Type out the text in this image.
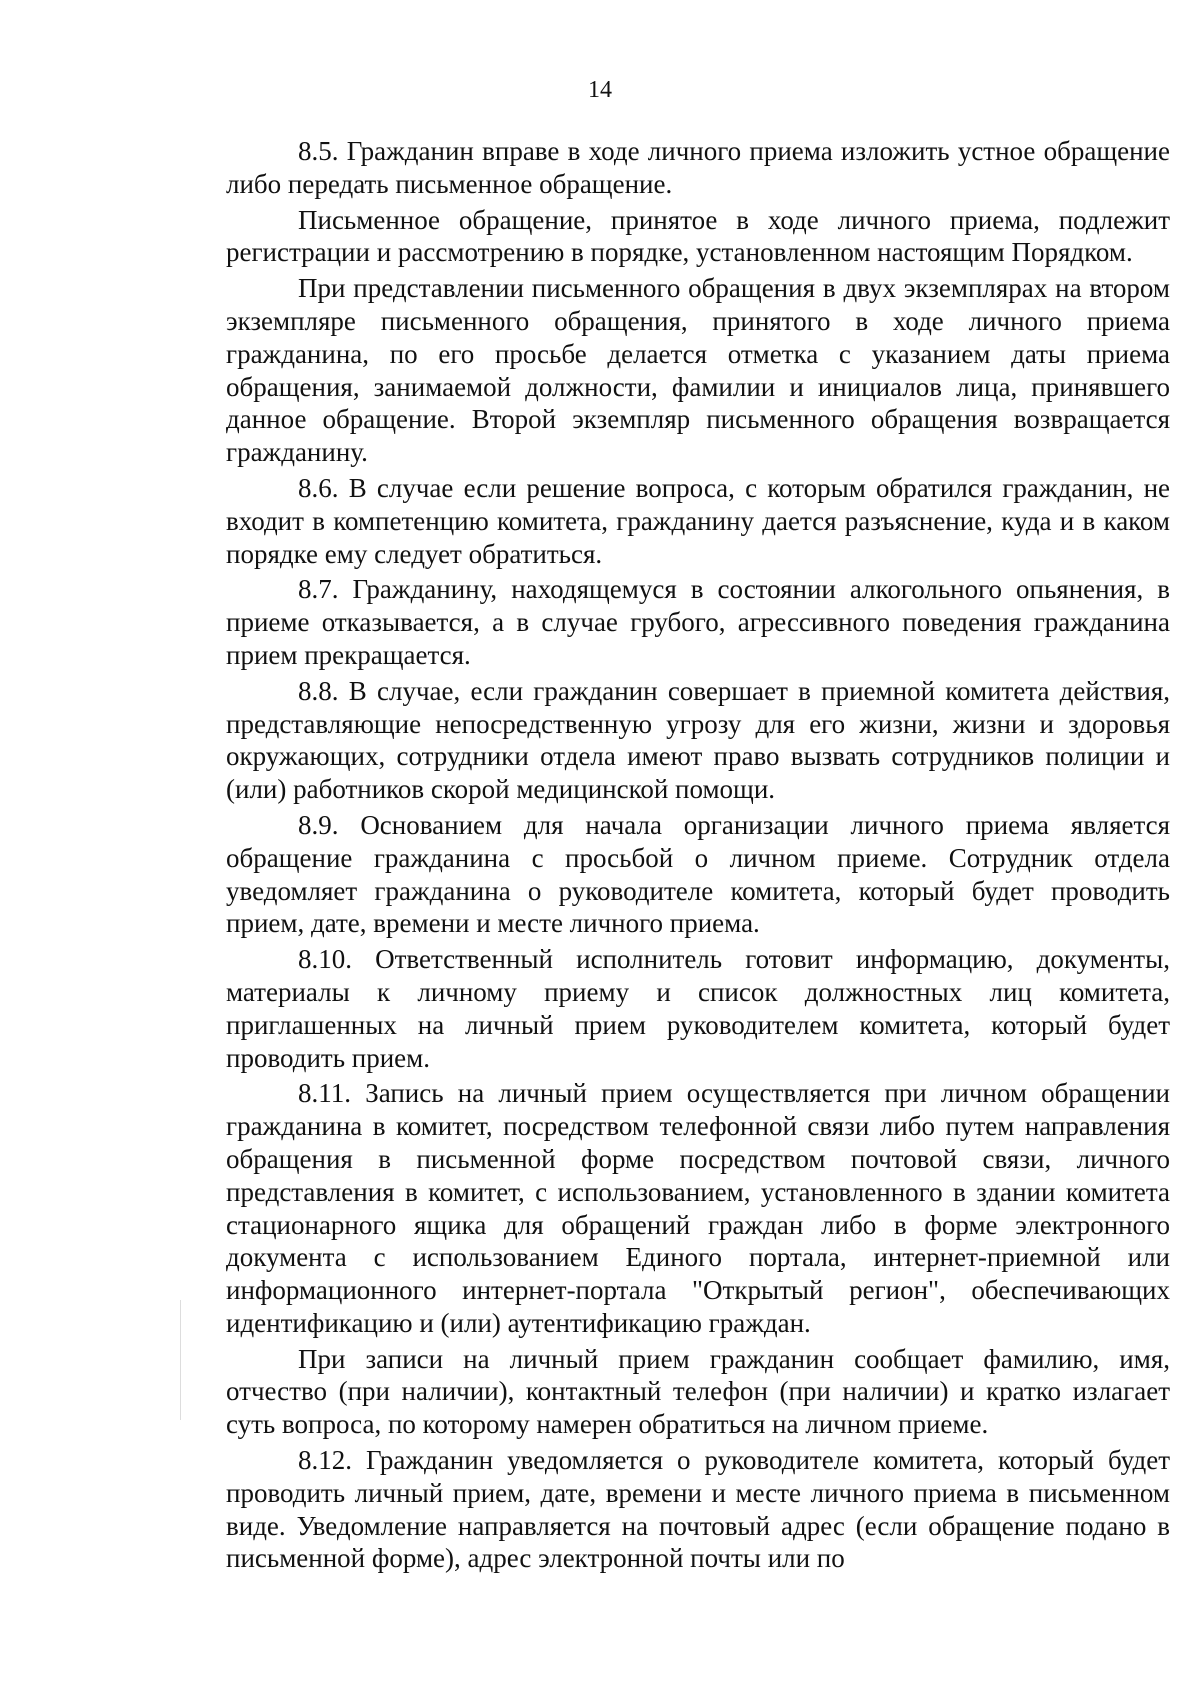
14

8.5. Гражданин вправе в ходе личного приема изложить устное обращение либо передать письменное обращение.

Письменное обращение, принятое в ходе личного приема, подлежит регистрации и рассмотрению в порядке, установленном настоящим Порядком.

При представлении письменного обращения в двух экземплярах на втором экземпляре письменного обращения, принятого в ходе личного приема гражданина, по его просьбе делается отметка с указанием даты приема обращения, занимаемой должности, фамилии и инициалов лица, принявшего данное обращение. Второй экземпляр письменного обращения возвращается гражданину.

8.6. В случае если решение вопроса, с которым обратился гражданин, не входит в компетенцию комитета, гражданину дается разъяснение, куда и в каком порядке ему следует обратиться.

8.7. Гражданину, находящемуся в состоянии алкогольного опьянения, в приеме отказывается, а в случае грубого, агрессивного поведения гражданина прием прекращается.

8.8. В случае, если гражданин совершает в приемной комитета действия, представляющие непосредственную угрозу для его жизни, жизни и здоровья окружающих, сотрудники отдела имеют право вызвать сотрудников полиции и (или) работников скорой медицинской помощи.

8.9. Основанием для начала организации личного приема является обращение гражданина с просьбой о личном приеме. Сотрудник отдела уведомляет гражданина о руководителе комитета, который будет проводить прием, дате, времени и месте личного приема.

8.10. Ответственный исполнитель готовит информацию, документы, материалы к личному приему и список должностных лиц комитета, приглашенных на личный прием руководителем комитета, который будет проводить прием.

8.11. Запись на личный прием осуществляется при личном обращении гражданина в комитет, посредством телефонной связи либо путем направления обращения в письменной форме посредством почтовой связи, личного представления в комитет, с использованием, установленного в здании комитета стационарного ящика для обращений граждан либо в форме электронного документа с использованием Единого портала, интернет-приемной или информационного интернет-портала "Открытый регион", обеспечивающих идентификацию и (или) аутентификацию граждан.

При записи на личный прием гражданин сообщает фамилию, имя, отчество (при наличии), контактный телефон (при наличии) и кратко излагает суть вопроса, по которому намерен обратиться на личном приеме.

8.12. Гражданин уведомляется о руководителе комитета, который будет проводить личный прием, дате, времени и месте личного приема в письменном виде. Уведомление направляется на почтовый адрес (если обращение подано в письменной форме), адрес электронной почты или по
